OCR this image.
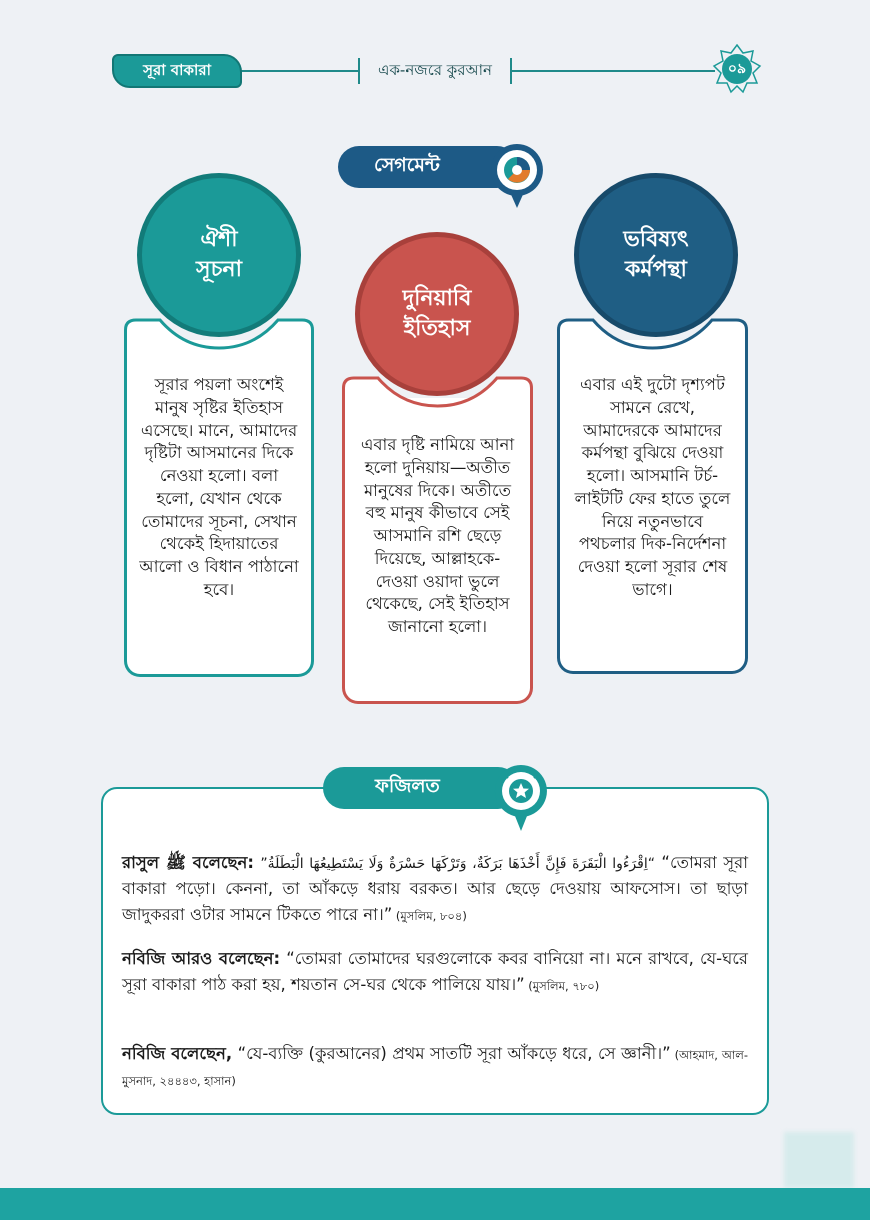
সূরা বাকারা	এক-নজরে কুরআন	০৯
সেগমেন্ট
সূরার পয়লা অংশেই মানুষ সৃষ্টির ইতিহাস এসেছে। মানে, আমাদের দৃষ্টিটা আসমানের দিকে নেওয়া হলো। বলা হলো, যেখান থেকে তোমাদের সূচনা, সেখান থেকেই হিদায়াতের আলো ও বিধান পাঠানো হবে।
ঐশী
সূচনা
এবার দৃষ্টি নামিয়ে আনা হলো দুনিয়ায়—অতীত মানুষের দিকে। অতীতে বহু মানুষ কীভাবে সেই আসমানি রশি ছেড়ে দিয়েছে, আল্লাহকে-দেওয়া ওয়াদা ভুলে থেকেছে, সেই ইতিহাস জানানো হলো।
দুনিয়াবি
ইতিহাস
এবার এই দুটো দৃশ্যপট সামনে রেখে, আমাদেরকে আমাদের কর্মপন্থা বুঝিয়ে দেওয়া হলো। আসমানি টর্চ-লাইটটি ফের হাতে তুলে নিয়ে নতুনভাবে পথচলার দিক-নির্দেশনা দেওয়া হলো সূরার শেষ ভাগে।
ভবিষ্যৎ
কর্মপন্থা
ফজিলত
রাসুল ﷺ বলেছেন: “اِقْرَءُوا الْبَقَرَةَ فَإِنَّ أَخْذَهَا بَرَكَةٌ، وَتَرْكَهَا حَسْرَةٌ وَلَا يَسْتَطِيعُهَا الْبَطَلَةُ” “তোমরা সূরা বাকারা পড়ো। কেননা, তা আঁকড়ে ধরায় বরকত। আর ছেড়ে দেওয়ায় আফসোস। তা ছাড়া জাদুকররা ওটার সামনে টিকতে পারে না।” (মুসলিম, ৮০৪)
নবিজি আরও বলেছেন: “তোমরা তোমাদের ঘরগুলোকে কবর বানিয়ো না। মনে রাখবে, যে-ঘরে সূরা বাকারা পাঠ করা হয়, শয়তান সে-ঘর থেকে পালিয়ে যায়।” (মুসলিম, ৭৮০)
নবিজি বলেছেন, “যে-ব্যক্তি (কুরআনের) প্রথম সাতটি সূরা আঁকড়ে ধরে, সে জ্ঞানী।” (আহমাদ, আল-মুসনাদ, ২৪৪৪৩, হাসান)
